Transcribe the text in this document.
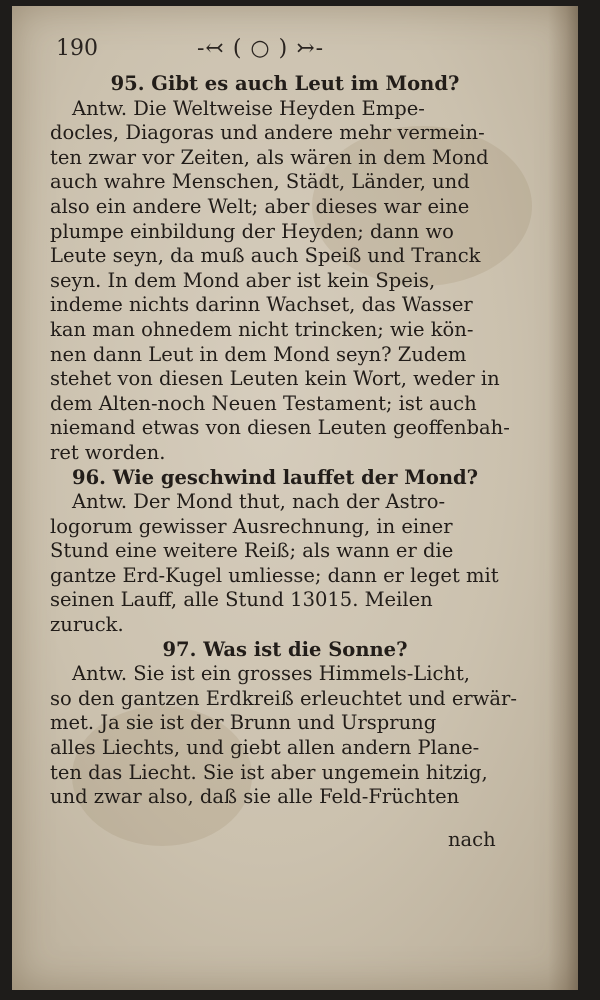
190	-↢ ( ○ ) ↣-
95. Gibt es auch Leut im Mond?
Antw. Die Weltweise Heyden Empe-
docles, Diagoras und andere mehr vermein-
ten zwar vor Zeiten, als wären in dem Mond
auch wahre Menschen, Städt, Länder, und
also ein andere Welt; aber dieses war eine
plumpe einbildung der Heyden; dann wo
Leute seyn, da muß auch Speiß und Tranck
seyn. In dem Mond aber ist kein Speis,
indeme nichts darinn Wachset, das Wasser
kan man ohnedem nicht trincken; wie kön-
nen dann Leut in dem Mond seyn? Zudem
stehet von diesen Leuten kein Wort, weder in
dem Alten-noch Neuen Testament; ist auch
niemand etwas von diesen Leuten geoffenbah-
ret worden.
96. Wie geschwind lauffet der Mond?
Antw. Der Mond thut, nach der Astro-
logorum gewisser Ausrechnung, in einer
Stund eine weitere Reiß; als wann er die
gantze Erd-Kugel umliesse; dann er leget mit
seinen Lauff, alle Stund 13015. Meilen
zuruck.
97. Was ist die Sonne?
Antw. Sie ist ein grosses Himmels-Licht,
so den gantzen Erdkreiß erleuchtet und erwär-
met. Ja sie ist der Brunn und Ursprung
alles Liechts, und giebt allen andern Plane-
ten das Liecht. Sie ist aber ungemein hitzig,
und zwar also, daß sie alle Feld-Früchten
nach
